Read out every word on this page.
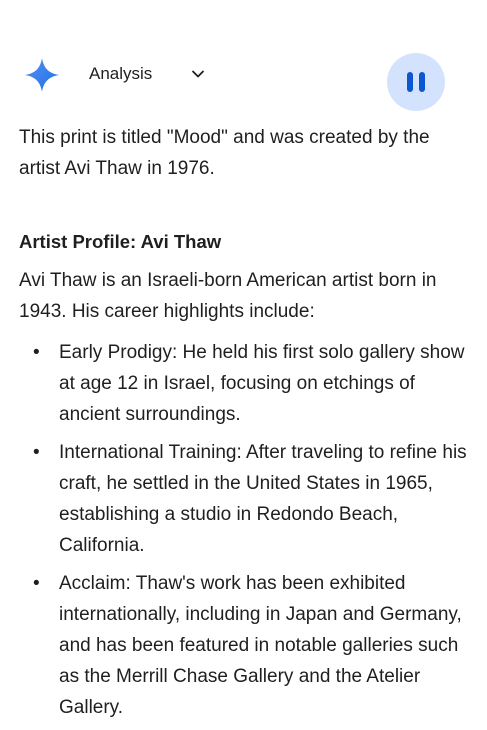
Analysis

This print is titled "Mood" and was created by the artist Avi Thaw in 1976.

Artist Profile: Avi Thaw

Avi Thaw is an Israeli-born American artist born in 1943. His career highlights include:

• Early Prodigy: He held his first solo gallery show at age 12 in Israel, focusing on etchings of ancient surroundings.
• International Training: After traveling to refine his craft, he settled in the United States in 1965, establishing a studio in Redondo Beach, California.
• Acclaim: Thaw's work has been exhibited internationally, including in Japan and Germany, and has been featured in notable galleries such as the Merrill Chase Gallery and the Atelier Gallery.
